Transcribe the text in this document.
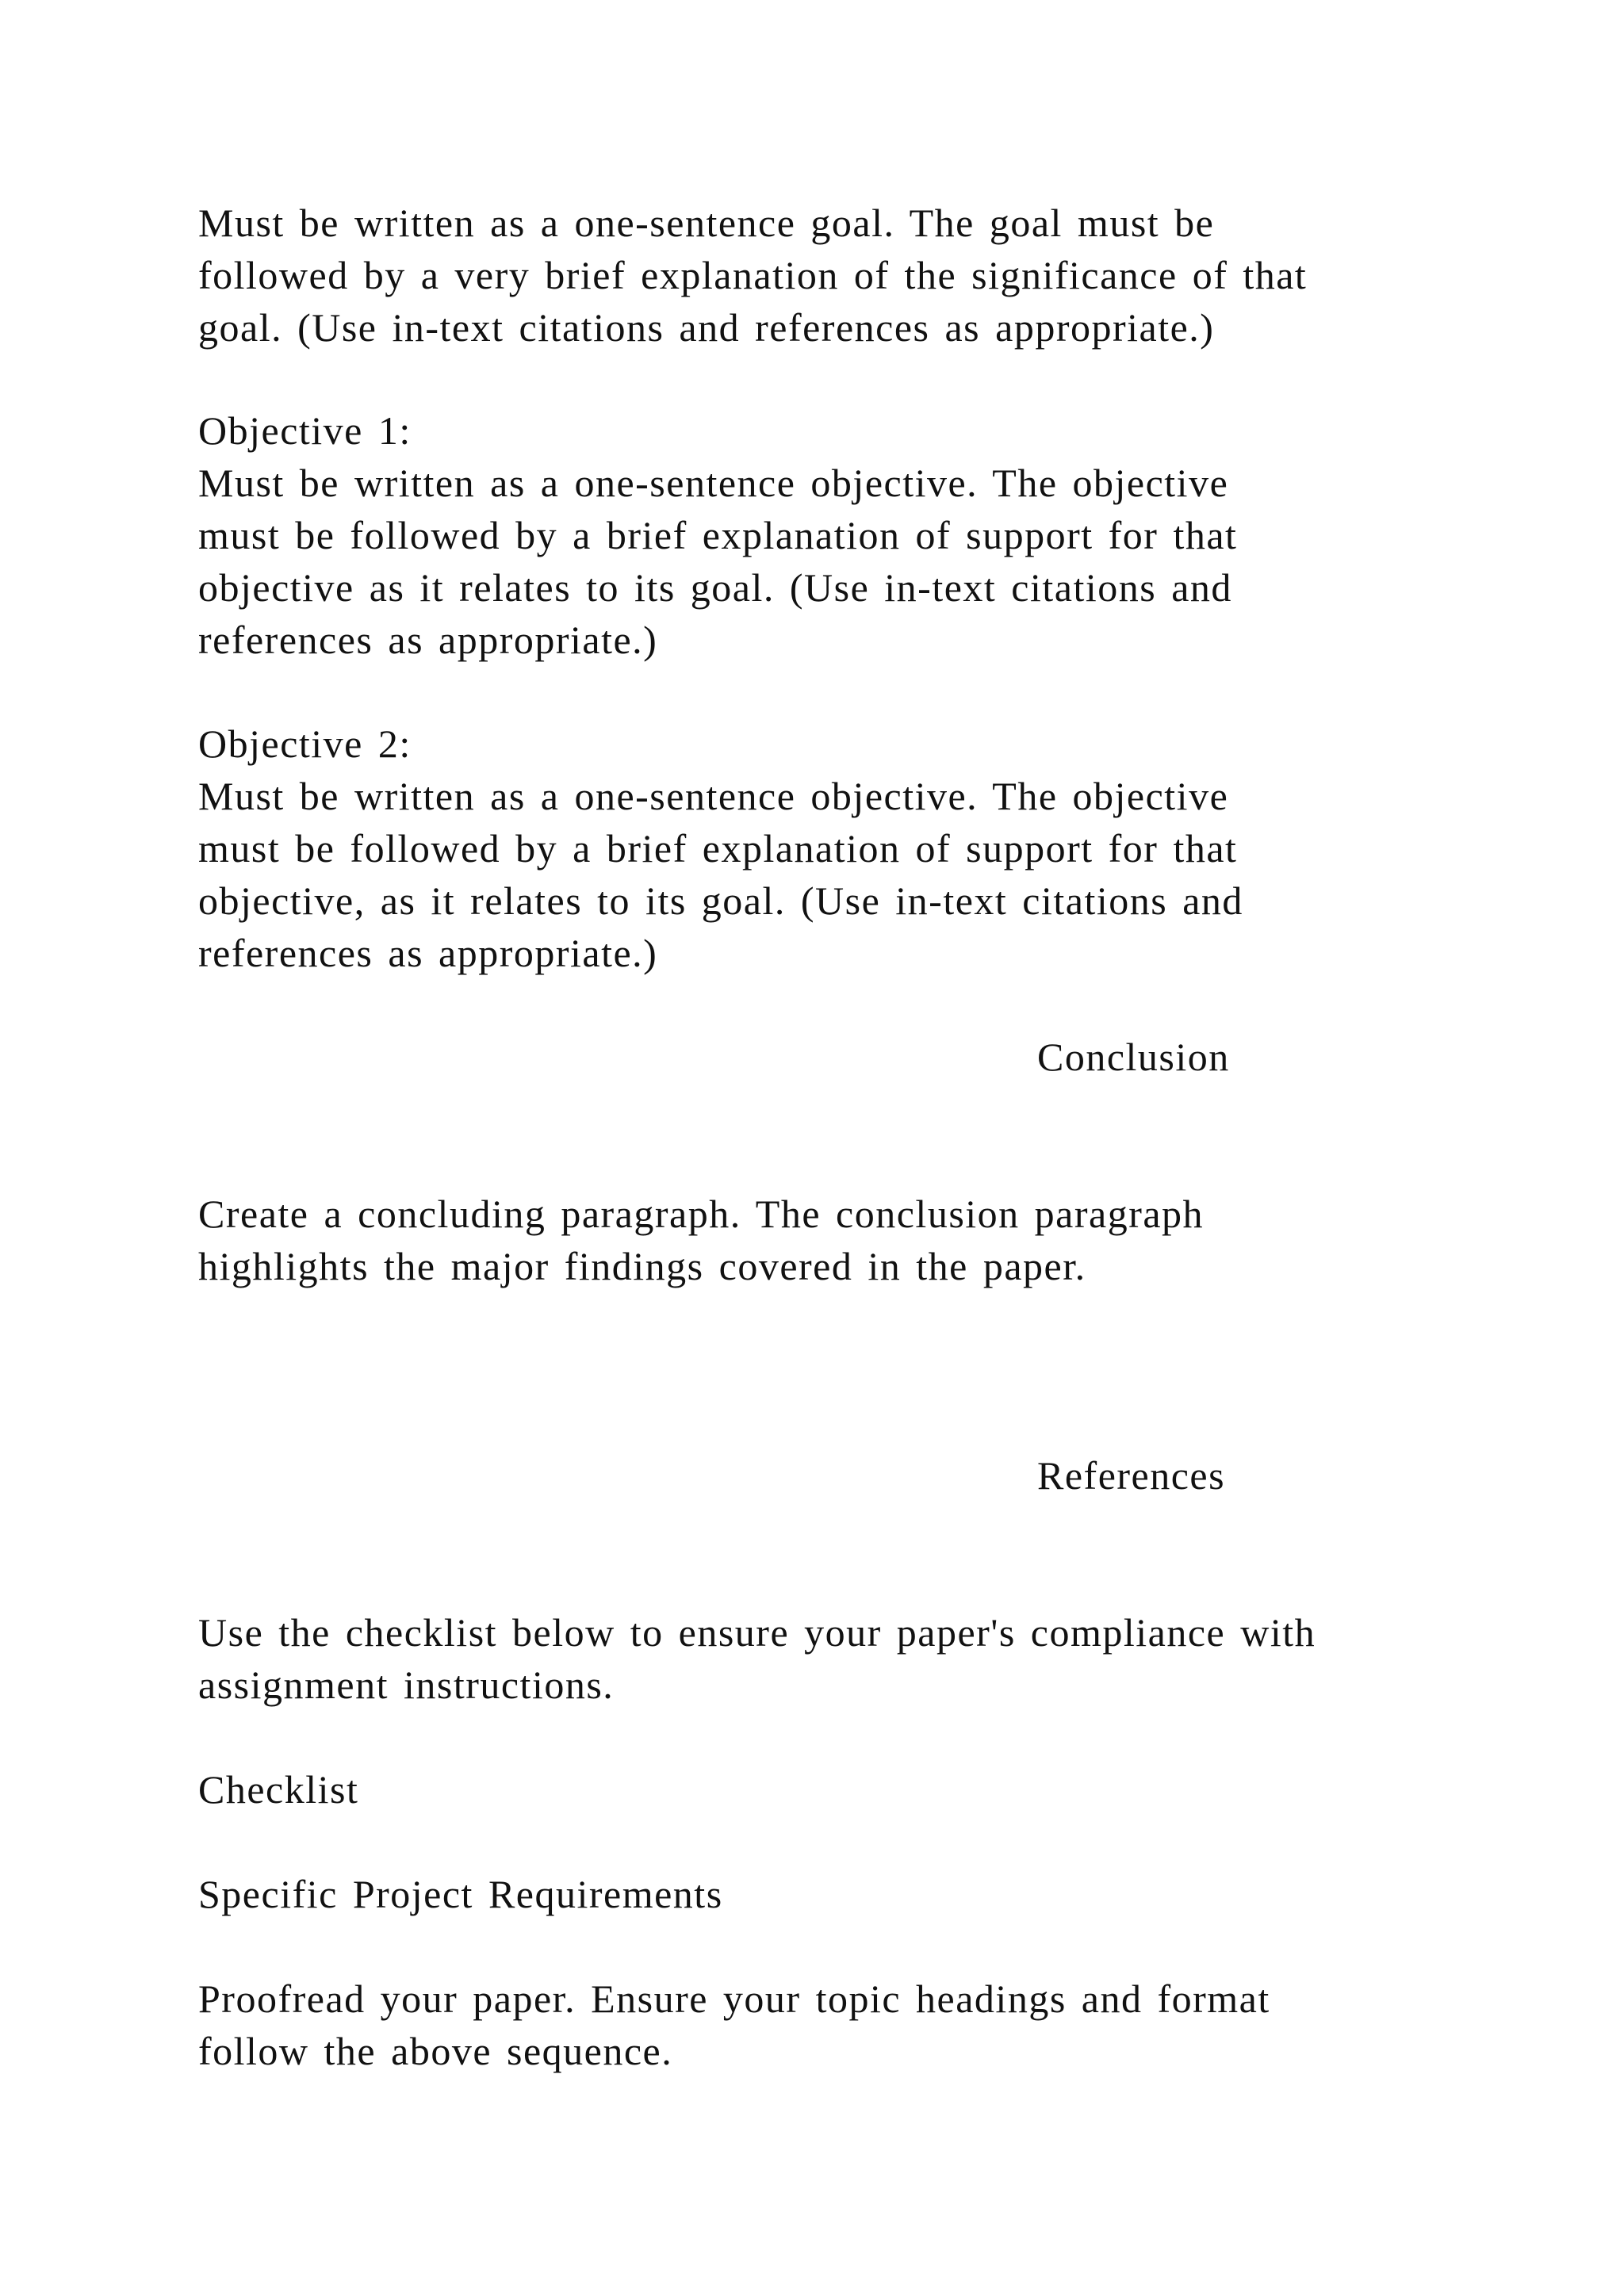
Must be written as a one-sentence goal. The goal must be
followed by a very brief explanation of the significance of that
goal. (Use in-text citations and references as appropriate.)

Objective 1:

Must be written as a one-sentence objective. The objective
must be followed by a brief explanation of support for that
objective as it relates to its goal. (Use in-text citations and
references as appropriate.)

Objective 2:

Must be written as a one-sentence objective. The objective
must be followed by a brief explanation of support for that
objective, as it relates to its goal. (Use in-text citations and
references as appropriate.)

Conclusion

Create a concluding paragraph. The conclusion paragraph
highlights the major findings covered in the paper.

References

Use the checklist below to ensure your paper's compliance with
assignment instructions.

Checklist

Specific Project Requirements

Proofread your paper. Ensure your topic headings and format
follow the above sequence.
